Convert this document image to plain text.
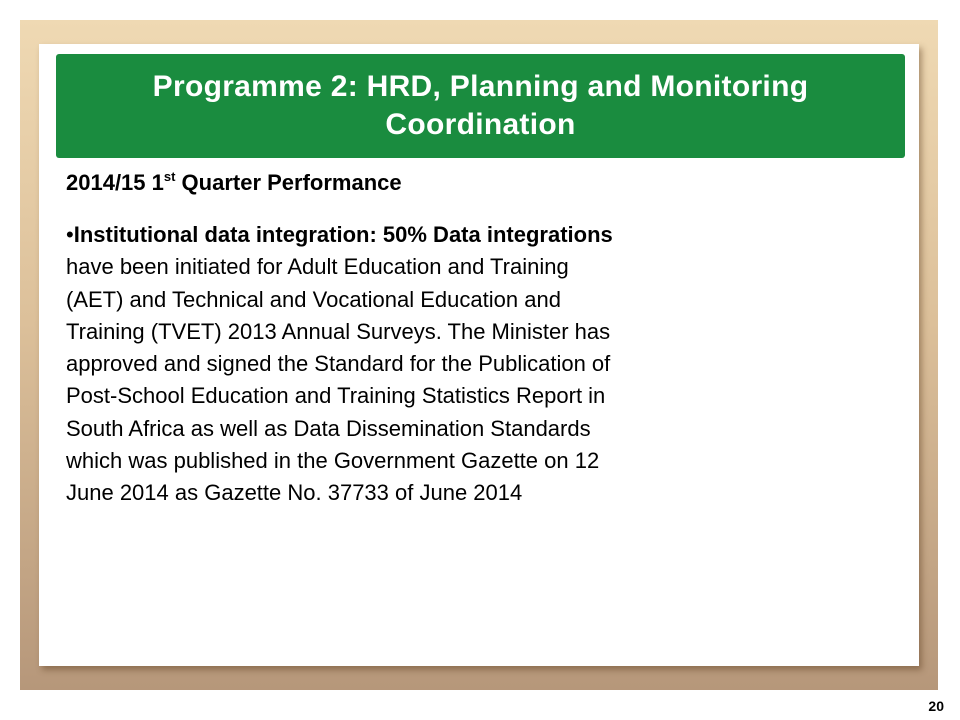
Programme 2: HRD, Planning and Monitoring
Coordination
2014/15 1st Quarter Performance
•Institutional data integration: 50% Data integrations
have been initiated for Adult Education and Training
(AET) and Technical and Vocational Education and
Training (TVET) 2013 Annual Surveys. The Minister has
approved and signed the Standard for the Publication of
Post-School Education and Training Statistics Report in
South Africa as well as Data Dissemination Standards
which was published in the Government Gazette on 12
June 2014 as Gazette No. 37733 of June 2014
20
